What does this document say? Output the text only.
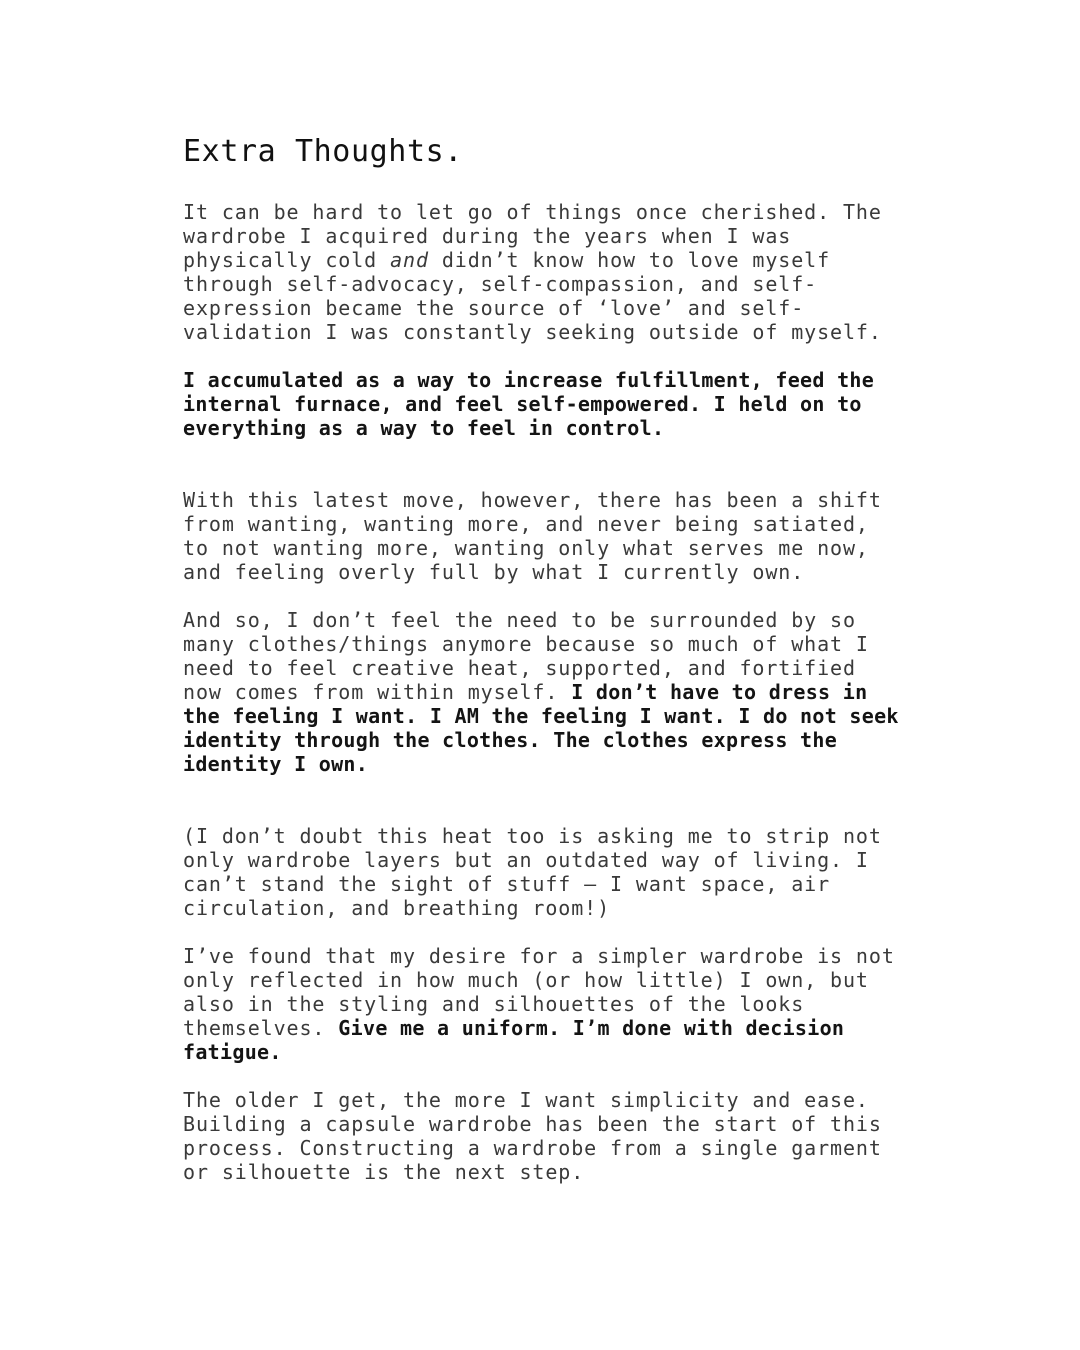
Extra Thoughts.

It can be hard to let go of things once cherished. The wardrobe I acquired during the years when I was physically cold and didn’t know how to love myself through self-advocacy, self-compassion, and self-expression became the source of ‘love’ and self-validation I was constantly seeking outside of myself.

I accumulated as a way to increase fulfillment, feed the internal furnace, and feel self-empowered. I held on to everything as a way to feel in control.

With this latest move, however, there has been a shift from wanting, wanting more, and never being satiated, to not wanting more, wanting only what serves me now, and feeling overly full by what I currently own.

And so, I don’t feel the need to be surrounded by so many clothes/things anymore because so much of what I need to feel creative heat, supported, and fortified now comes from within myself. I don’t have to dress in the feeling I want. I AM the feeling I want. I do not seek identity through the clothes. The clothes express the identity I own.

(I don’t doubt this heat too is asking me to strip not only wardrobe layers but an outdated way of living. I can’t stand the sight of stuff – I want space, air circulation, and breathing room!)

I’ve found that my desire for a simpler wardrobe is not only reflected in how much (or how little) I own, but also in the styling and silhouettes of the looks themselves. Give me a uniform. I’m done with decision fatigue.

The older I get, the more I want simplicity and ease. Building a capsule wardrobe has been the start of this process. Constructing a wardrobe from a single garment or silhouette is the next step.
